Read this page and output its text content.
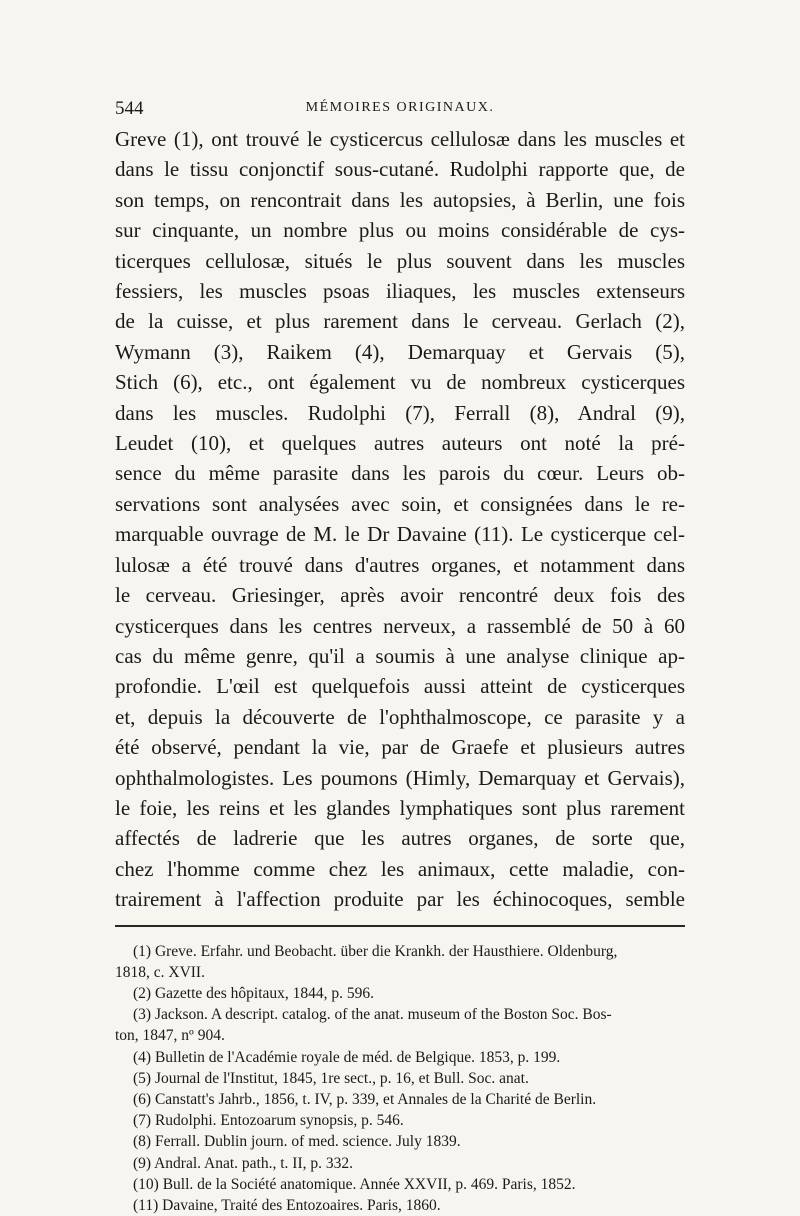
544	MÉMOIRES ORIGINAUX.
Greve (1), ont trouvé le cysticercus cellulosæ dans les muscles et
dans le tissu conjonctif sous-cutané. Rudolphi rapporte que, de
son temps, on rencontrait dans les autopsies, à Berlin, une fois
sur cinquante, un nombre plus ou moins considérable de cys-
ticerques cellulosæ, situés le plus souvent dans les muscles
fessiers, les muscles psoas iliaques, les muscles extenseurs
de la cuisse, et plus rarement dans le cerveau. Gerlach (2),
Wymann (3), Raikem (4), Demarquay et Gervais (5),
Stich (6), etc., ont également vu de nombreux cysticerques
dans les muscles. Rudolphi (7), Ferrall (8), Andral (9),
Leudet (10), et quelques autres auteurs ont noté la pré-
sence du même parasite dans les parois du cœur. Leurs ob-
servations sont analysées avec soin, et consignées dans le re-
marquable ouvrage de M. le Dr Davaine (11). Le cysticerque cel-
lulosæ a été trouvé dans d'autres organes, et notamment dans
le cerveau. Griesinger, après avoir rencontré deux fois des
cysticerques dans les centres nerveux, a rassemblé de 50 à 60
cas du même genre, qu'il a soumis à une analyse clinique ap-
profondie. L'œil est quelquefois aussi atteint de cysticerques
et, depuis la découverte de l'ophthalmoscope, ce parasite y a
été observé, pendant la vie, par de Graefe et plusieurs autres
ophthalmologistes. Les poumons (Himly, Demarquay et Gervais),
le foie, les reins et les glandes lymphatiques sont plus rarement
affectés de ladrerie que les autres organes, de sorte que,
chez l'homme comme chez les animaux, cette maladie, con-
trairement à l'affection produite par les échinocoques, semble
(1) Greve. Erfahr. und Beobacht. über die Krankh. der Hausthiere. Oldenburg,
1818, c. XVII.
(2) Gazette des hôpitaux, 1844, p. 596.
(3) Jackson. A descript. catalog. of the anat. museum of the Boston Soc. Bos-
ton, 1847, nº 904.
(4) Bulletin de l'Académie royale de méd. de Belgique. 1853, p. 199.
(5) Journal de l'Institut, 1845, 1re sect., p. 16, et Bull. Soc. anat.
(6) Canstatt's Jahrb., 1856, t. IV, p. 339, et Annales de la Charité de Berlin.
(7) Rudolphi. Entozoarum synopsis, p. 546.
(8) Ferrall. Dublin journ. of med. science. July 1839.
(9) Andral. Anat. path., t. II, p. 332.
(10) Bull. de la Société anatomique. Année XXVII, p. 469. Paris, 1852.
(11) Davaine, Traité des Entozoaires. Paris, 1860.
